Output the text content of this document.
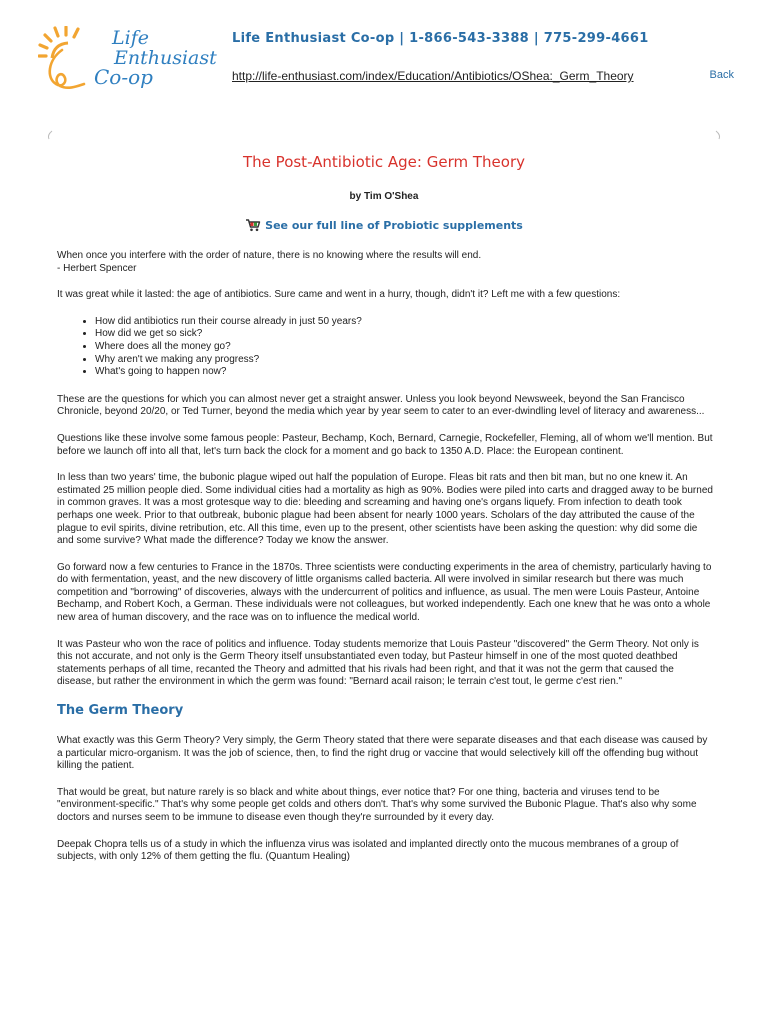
Life
Enthusiast
Co-op
Life Enthusiast Co-op | 1-866-543-3388 | 775-299-4661
http://life-enthusiast.com/index/Education/Antibiotics/OShea:_Germ_Theory	Back
The Post-Antibiotic Age: Germ Theory
by Tim O'Shea
See our full line of Probiotic supplements

When once you interfere with the order of nature, there is no knowing where the results will end.
- Herbert Spencer

It was great while it lasted: the age of antibiotics. Sure came and went in a hurry, though, didn't it? Left me with a few questions:

• How did antibiotics run their course already in just 50 years?
• How did we get so sick?
• Where does all the money go?
• Why aren't we making any progress?
• What's going to happen now?

These are the questions for which you can almost never get a straight answer. Unless you look beyond Newsweek, beyond the San Francisco Chronicle, beyond 20/20, or Ted Turner, beyond the media which year by year seem to cater to an ever-dwindling level of literacy and awareness...

Questions like these involve some famous people: Pasteur, Bechamp, Koch, Bernard, Carnegie, Rockefeller, Fleming, all of whom we'll mention. But before we launch off into all that, let's turn back the clock for a moment and go back to 1350 A.D. Place: the European continent.

In less than two years' time, the bubonic plague wiped out half the population of Europe. Fleas bit rats and then bit man, but no one knew it. An estimated 25 million people died. Some individual cities had a mortality as high as 90%. Bodies were piled into carts and dragged away to be burned in common graves. It was a most grotesque way to die: bleeding and screaming and having one's organs liquefy. From infection to death took perhaps one week. Prior to that outbreak, bubonic plague had been absent for nearly 1000 years. Scholars of the day attributed the cause of the plague to evil spirits, divine retribution, etc. All this time, even up to the present, other scientists have been asking the question: why did some die and some survive? What made the difference? Today we know the answer.

Go forward now a few centuries to France in the 1870s. Three scientists were conducting experiments in the area of chemistry, particularly having to do with fermentation, yeast, and the new discovery of little organisms called bacteria. All were involved in similar research but there was much competition and "borrowing" of discoveries, always with the undercurrent of politics and influence, as usual. The men were Louis Pasteur, Antoine Bechamp, and Robert Koch, a German. These individuals were not colleagues, but worked independently. Each one knew that he was onto a whole new area of human discovery, and the race was on to influence the medical world.

It was Pasteur who won the race of politics and influence. Today students memorize that Louis Pasteur "discovered" the Germ Theory. Not only is this not accurate, and not only is the Germ Theory itself unsubstantiated even today, but Pasteur himself in one of the most quoted deathbed statements perhaps of all time, recanted the Theory and admitted that his rivals had been right, and that it was not the germ that caused the disease, but rather the environment in which the germ was found: "Bernard acail raison; le terrain c'est tout, le germe c'est rien."

The Germ Theory

What exactly was this Germ Theory? Very simply, the Germ Theory stated that there were separate diseases and that each disease was caused by a particular micro-organism. It was the job of science, then, to find the right drug or vaccine that would selectively kill off the offending bug without killing the patient.

That would be great, but nature rarely is so black and white about things, ever notice that? For one thing, bacteria and viruses tend to be "environment-specific." That's why some people get colds and others don't. That's why some survived the Bubonic Plague. That's also why some doctors and nurses seem to be immune to disease even though they're surrounded by it every day.

Deepak Chopra tells us of a study in which the influenza virus was isolated and implanted directly onto the mucous membranes of a group of subjects, with only 12% of them getting the flu. (Quantum Healing)
